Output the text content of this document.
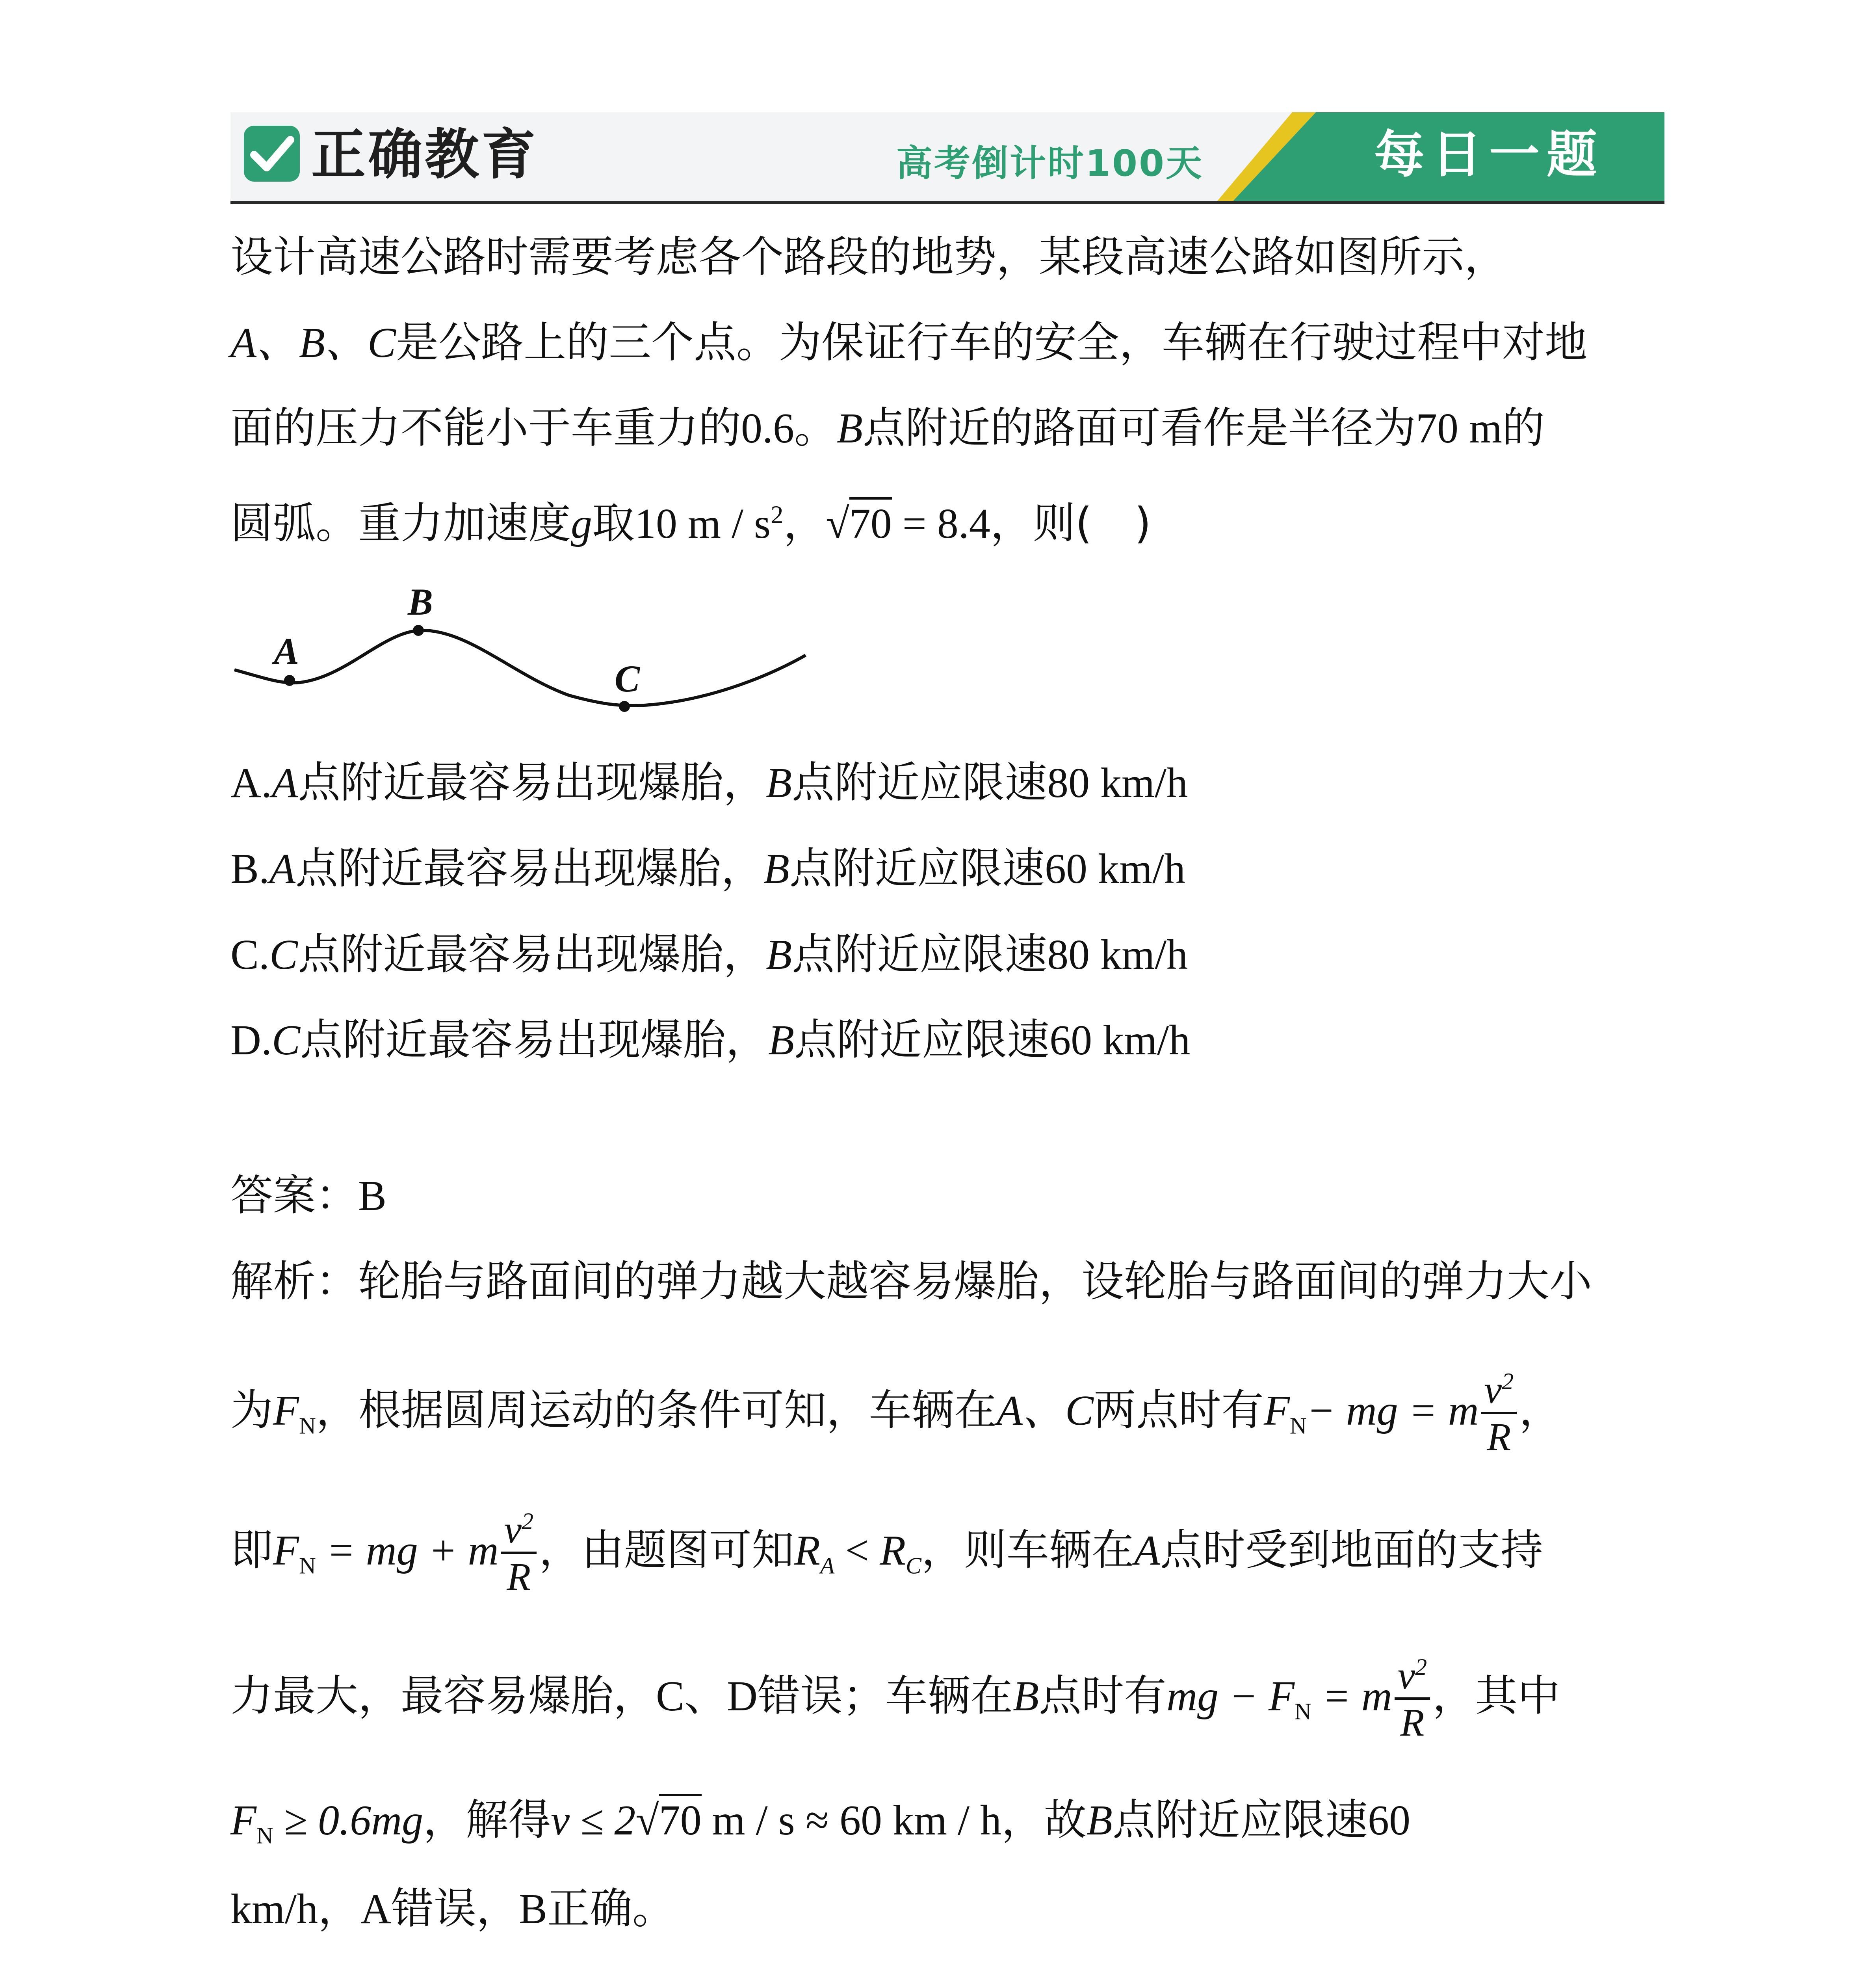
正确教育	高考倒计时100天	每日一题
设计高速公路时需要考虑各个路段的地势，某段高速公路如图所示，
A、B、C是公路上的三个点。为保证行车的安全，车辆在行驶过程中对地
面的压力不能小于车重力的0.6。B点附近的路面可看作是半径为70 m的
圆弧。重力加速度g取10 m / $s^2$，√70 = 8.4，则(　)
A
B
C
A.A点附近最容易出现爆胎，B点附近应限速80 km/h
B.A点附近最容易出现爆胎，B点附近应限速60 km/h
C.C点附近最容易出现爆胎，B点附近应限速80 km/h
D.C点附近最容易出现爆胎，B点附近应限速60 km/h
答案：B
解析：轮胎与路面间的弹力越大越容易爆胎，设轮胎与路面间的弹力大小
为$F_N$，根据圆周运动的条件可知，车辆在A、C两点时有$F_N-$ mg = m $\frac{v^2}{R}$ ，
即$F_N$ = mg + m $\frac{v^2}{R}$ ，由题图可知$R_A < R_C$，则车辆在A点时受到地面的支持
力最大，最容易爆胎，C、D错误；车辆在B点时有mg − $F_N = m \frac{v^2}{R}$ ，其中
$F_N \ge 0.6mg$，解得v ≤ 2√70 m / s ≈ 60 km / h，故B点附近应限速60
km/h，A错误，B正确。
